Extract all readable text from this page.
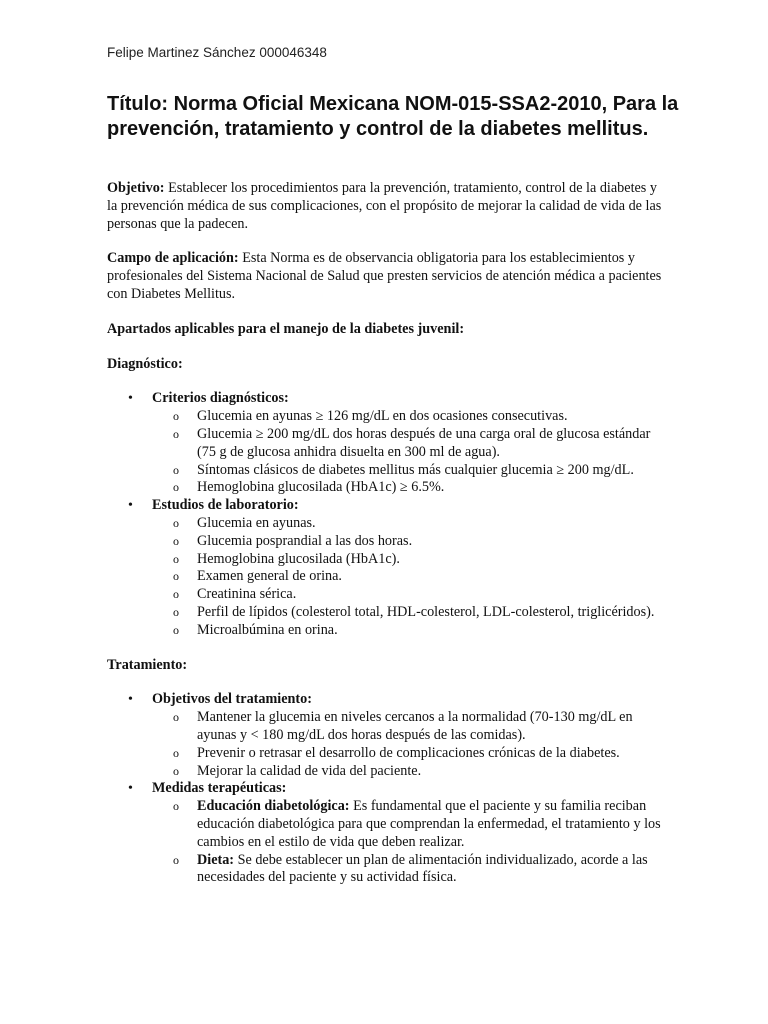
Felipe Martinez Sánchez 000046348
Título: Norma Oficial Mexicana NOM-015-SSA2-2010, Para la prevención, tratamiento y control de la diabetes mellitus.

Objetivo: Establecer los procedimientos para la prevención, tratamiento, control de la diabetes y la prevención médica de sus complicaciones, con el propósito de mejorar la calidad de vida de las personas que la padecen.

Campo de aplicación: Esta Norma es de observancia obligatoria para los establecimientos y profesionales del Sistema Nacional de Salud que presten servicios de atención médica a pacientes con Diabetes Mellitus.

Apartados aplicables para el manejo de la diabetes juvenil:

Diagnóstico:

• Criterios diagnósticos:
o Glucemia en ayunas ≥ 126 mg/dL en dos ocasiones consecutivas.
o Glucemia ≥ 200 mg/dL dos horas después de una carga oral de glucosa estándar (75 g de glucosa anhidra disuelta en 300 ml de agua).
o Síntomas clásicos de diabetes mellitus más cualquier glucemia ≥ 200 mg/dL.
o Hemoglobina glucosilada (HbA1c) ≥ 6.5%.
• Estudios de laboratorio:
o Glucemia en ayunas.
o Glucemia posprandial a las dos horas.
o Hemoglobina glucosilada (HbA1c).
o Examen general de orina.
o Creatinina sérica.
o Perfil de lípidos (colesterol total, HDL-colesterol, LDL-colesterol, triglicéridos).
o Microalbúmina en orina.

Tratamiento:

• Objetivos del tratamiento:
o Mantener la glucemia en niveles cercanos a la normalidad (70-130 mg/dL en ayunas y < 180 mg/dL dos horas después de las comidas).
o Prevenir o retrasar el desarrollo de complicaciones crónicas de la diabetes.
o Mejorar la calidad de vida del paciente.
• Medidas terapéuticas:
o Educación diabetológica: Es fundamental que el paciente y su familia reciban educación diabetológica para que comprendan la enfermedad, el tratamiento y los cambios en el estilo de vida que deben realizar.
o Dieta: Se debe establecer un plan de alimentación individualizado, acorde a las necesidades del paciente y su actividad física.
